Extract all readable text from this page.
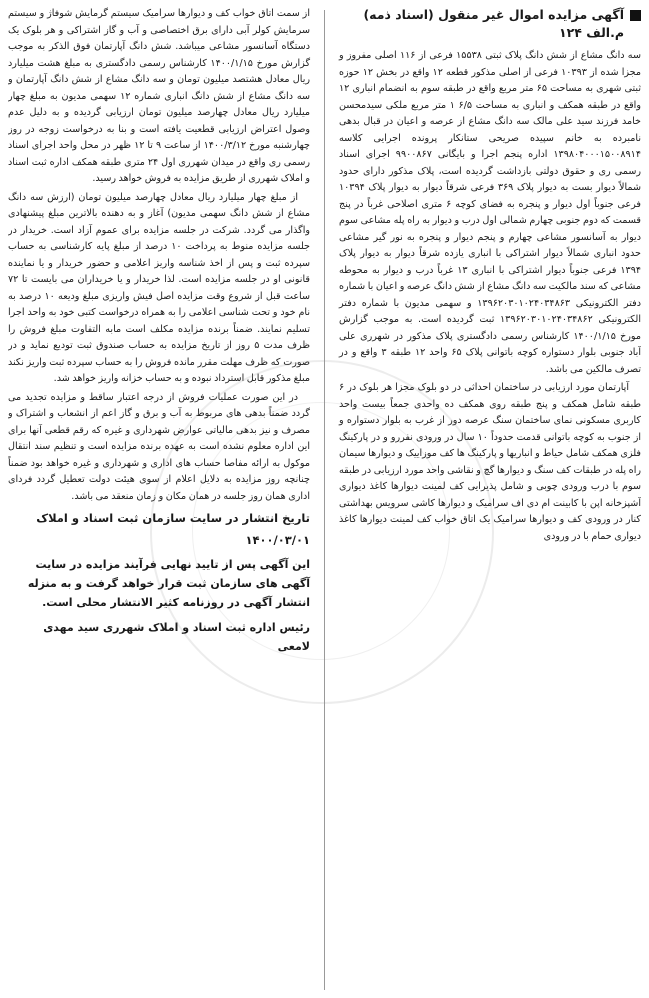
آگهی مزایده اموال غیر منقول (اسناد ذمه) م.الف ۱۲۴

سه دانگ مشاع از شش دانگ پلاک ثبتی ۱۵۵۳۸ فرعی از ۱۱۶ اصلی مفروز و مجزا شده از ۱۰۳۹۳ فرعی از اصلی مذکور قطعه ۱۲ واقع در بخش ۱۲ حوزه ثبتی شهری به مساحت ۶۵ متر مربع واقع در طبقه سوم به انضمام انباری ۱۲ واقع در طبقه همکف و انباری به مساحت ۶/۵ ۱ متر مربع ملکی سیدمحسن خامد فرزند سید علی مالک سه دانگ مشاع از عرصه و اعیان در قبال بدهی نامبرده به خانم سپیده صریحی ستانکار پرونده اجرایی کلاسه ۱۳۹۸۰۴۰۰۰۱۵۰۰۸۹۱۴ اداره پنجم اجرا و بایگانی ۹۹۰۰۸۶۷ اجرای اسناد رسمی ری و حقوق دولتی بازداشت گردیده است، پلاک مذکور دارای حدود شمالاً دیوار بست به دیوار پلاک ۳۶۹ فرعی شرقاً دیوار به دیوار پلاک ۱۰۳۹۴ فرعی جنوباً اول دیوار و پنجره به فضای کوچه ۶ متری اصلاحی غرباً در پنج قسمت که دوم جنوبی چهارم شمالی اول درب و دیوار به راه پله مشاعی سوم دیوار به آسانسور مشاعی چهارم و پنجم دیوار و پنجره به نور گیر مشاعی حدود انباری شمالاً دیوار اشتراکی با انباری یازده شرقاً دیوار به دیوار پلاک ۱۳۹۴ فرعی جنوباً دیوار اشتراکی با انباری ۱۳ غرباً درب و دیوار به محوطه مشاعی که سند مالکیت سه دانگ مشاع از شش دانگ عرصه و اعیان با شماره دفتر الکترونیکی ۱۳۹۶۲۰۳۰۱۰۲۴۰۳۴۸۶۳ و سهمی مدیون با شماره دفتر الکترونیکی ۱۳۹۶۲۰۳۰۱۰۲۴۰۳۴۸۶۲ ثبت گردیده است. به موجب گزارش مورخ ۱۴۰۰/۱/۱۵ کارشناس رسمی دادگستری پلاک مذکور در شهرری علی آباد جنوبی بلوار دستواره کوچه باتوانی پلاک ۶۵ واحد ۱۲ طبقه ۳ واقع و در تصرف مالکین می باشد.

آپارتمان مورد ارزیابی در ساختمان احداثی در دو بلوک مجزا هر بلوک در ۶ طبقه شامل همکف و پنج طبقه روی همکف ده واحدی جمعاً بیست واحد کاربری مسکونی نمای ساختمان سنگ عرصه دور از غرب به بلوار دستواره و از جنوب به کوچه باتوانی قدمت حدوداً ۱۰ سال در ورودی نفررو و در پارکینگ فلزی همکف شامل حیاط و انباریها و پارکینگ ها کف موزاییک و دیوارها سیمان راه پله در طبقات کف سنگ و دیوارها گچ و نقاشی واحد مورد ارزیابی در طبقه سوم با درب ورودی چوبی و شامل پذیرایی کف لمینت دیوارها کاغذ دیواری آشپزخانه اپن با کابینت ام دی اف سرامیک و دیوارها کاشی سرویس بهداشتی کنار در ورودی کف و دیوارها سرامیک یک اتاق خواب کف لمینت دیوارها کاغذ دیواری حمام با در ورودی

از سمت اتاق خواب کف و دیوارها سرامیک سیستم گرمایش شوفاژ و سیستم سرمایش کولر آبی دارای برق اختصاصی و آب و گاز اشتراکی و هر بلوک یک دستگاه آسانسور مشاعی میباشد. شش دانگ آپارتمان فوق الذکر به موجب گزارش مورخ ۱۴۰۰/۱/۱۵ کارشناس رسمی دادگستری به مبلغ هشت میلیارد ریال معادل هشتصد میلیون تومان و سه دانگ مشاع از شش دانگ آپارتمان و سه دانگ مشاع از شش دانگ انباری شماره ۱۲ سهمی مدیون به مبلغ چهار میلیارد ریال معادل چهارصد میلیون تومان ارزیابی گردیده و به دلیل عدم وصول اعتراض ارزیابی قطعیت یافته است و بنا به درخواست زوجه در روز چهارشنبه مورخ ۱۴۰۰/۳/۱۲ از ساعت ۹ تا ۱۲ ظهر در محل واحد اجرای اسناد رسمی ری واقع در میدان شهرری اول ۲۴ متری طبقه همکف اداره ثبت اسناد و املاک شهرری از طریق مزایده به فروش خواهد رسید.

از مبلغ چهار میلیارد ریال معادل چهارصد میلیون تومان (ارزش سه دانگ مشاع از شش دانگ سهمی مدیون) آغاز و به دهنده بالاترین مبلغ پیشنهادی واگذار می گردد. شرکت در جلسه مزایده برای عموم آزاد است. خریدار در جلسه مزایده منوط به پرداخت ۱۰ درصد از مبلغ پایه کارشناسی به حساب سپرده ثبت و پس از اخذ شناسه واریز اعلامی و حضور خریدار و یا نماینده قانونی او در جلسه مزایده است. لذا خریدار و یا خریداران می بایست تا ۷۲ ساعت قبل از شروع وقت مزایده اصل فیش واریزی مبلغ ودیعه ۱۰ درصد به نام خود و تحت شناسی اعلامی را به همراه درخواست کتبی خود به واحد اجرا تسلیم نمایند. ضمناً برنده مزایده مکلف است مابه التفاوت مبلغ فروش را ظرف مدت ۵ روز از تاریخ مزایده به حساب صندوق ثبت تودیع نماید و در صورت که ظرف مهلت مقرر مانده فروش را به حساب سپرده ثبت واریز نکند مبلغ مذکور قابل استرداد نبوده و به حساب خزانه واریز خواهد شد.

در این صورت عملیات فروش از درجه اعتبار ساقط و مزایده تجدید می گردد ضمناً بدهی های مربوط به آب و برق و گاز اعم از انشعاب و اشتراک و مصرف و نیز بدهی مالیاتی عوارض شهرداری و غیره که رقم قطعی آنها برای این اداره معلوم نشده است به عهده برنده مزایده است و تنظیم سند انتقال موکول به ارائه مفاصا حساب های اداری و شهرداری و غیره خواهد بود ضمناً چنانچه روز مزایده به دلایل اعلام از سوی هیئت دولت تعطیل گردد فردای اداری همان روز جلسه در همان مکان و زمان منعقد می باشد.

تاریخ انتشار در سایت سازمان ثبت اسناد و املاک

۱۴۰۰/۰۳/۰۱

این آگهی پس از تایید نهایی فرآیند مزایده در سایت آگهی های سازمان ثبت قرار خواهد گرفت و به منزله انتشار آگهی در روزنامه کثیر الانتشار محلی است.

رئیس اداره ثبت اسناد و املاک شهرری سید مهدی لامعی
